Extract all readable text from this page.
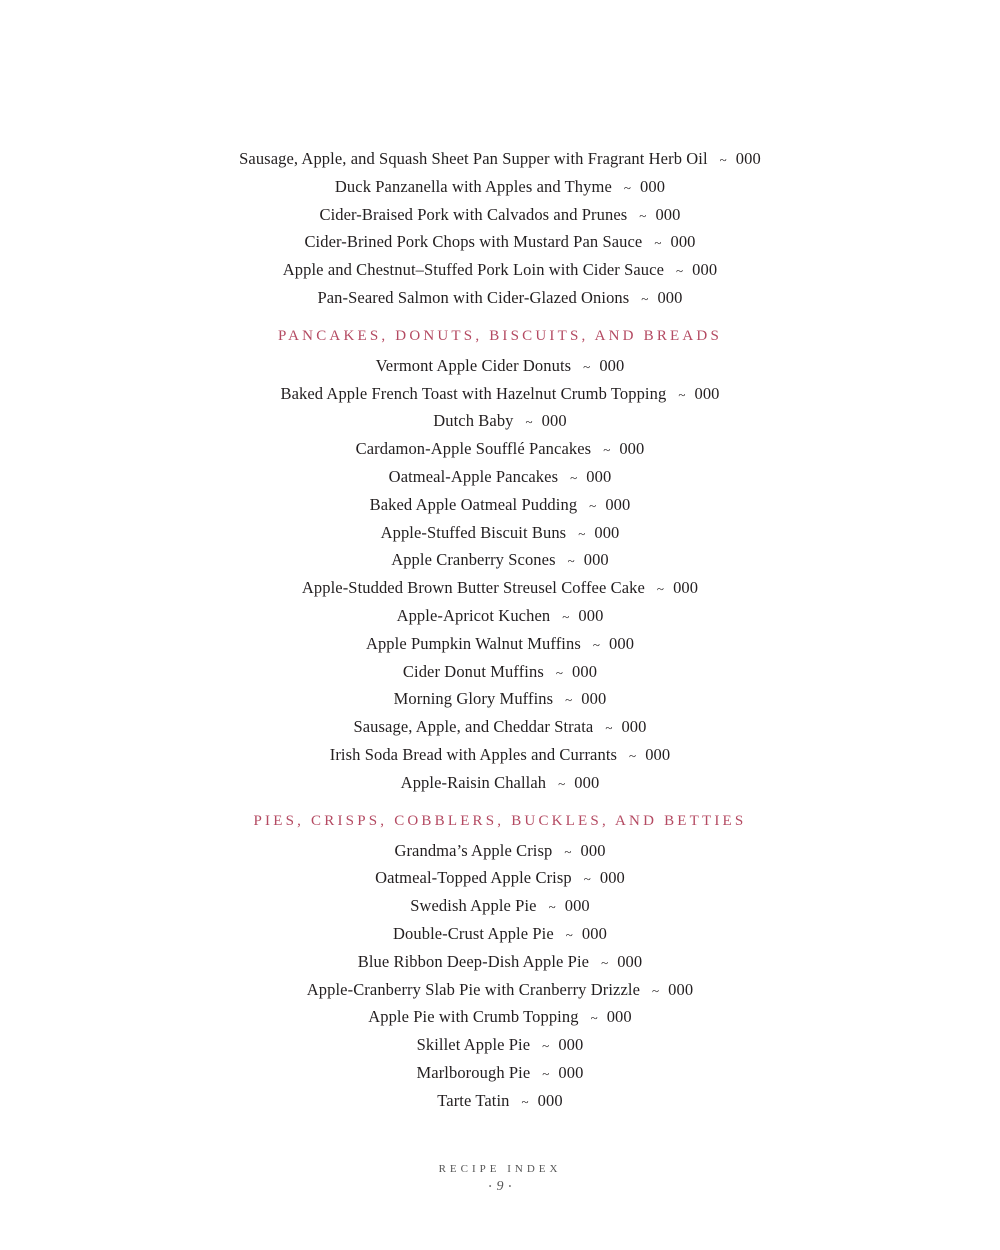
Sausage, Apple, and Squash Sheet Pan Supper with Fragrant Herb Oil ~ 000
Duck Panzanella with Apples and Thyme ~ 000
Cider-Braised Pork with Calvados and Prunes ~ 000
Cider-Brined Pork Chops with Mustard Pan Sauce ~ 000
Apple and Chestnut–Stuffed Pork Loin with Cider Sauce ~ 000
Pan-Seared Salmon with Cider-Glazed Onions ~ 000
PANCAKES, DONUTS, BISCUITS, AND BREADS
Vermont Apple Cider Donuts ~ 000
Baked Apple French Toast with Hazelnut Crumb Topping ~ 000
Dutch Baby ~ 000
Cardamon-Apple Soufflé Pancakes ~ 000
Oatmeal-Apple Pancakes ~ 000
Baked Apple Oatmeal Pudding ~ 000
Apple-Stuffed Biscuit Buns ~ 000
Apple Cranberry Scones ~ 000
Apple-Studded Brown Butter Streusel Coffee Cake ~ 000
Apple-Apricot Kuchen ~ 000
Apple Pumpkin Walnut Muffins ~ 000
Cider Donut Muffins ~ 000
Morning Glory Muffins ~ 000
Sausage, Apple, and Cheddar Strata ~ 000
Irish Soda Bread with Apples and Currants ~ 000
Apple-Raisin Challah ~ 000
PIES, CRISPS, COBBLERS, BUCKLES, AND BETTIES
Grandma’s Apple Crisp ~ 000
Oatmeal-Topped Apple Crisp ~ 000
Swedish Apple Pie ~ 000
Double-Crust Apple Pie ~ 000
Blue Ribbon Deep-Dish Apple Pie ~ 000
Apple-Cranberry Slab Pie with Cranberry Drizzle ~ 000
Apple Pie with Crumb Topping ~ 000
Skillet Apple Pie ~ 000
Marlborough Pie ~ 000
Tarte Tatin ~ 000
RECIPE INDEX
• 9 •
